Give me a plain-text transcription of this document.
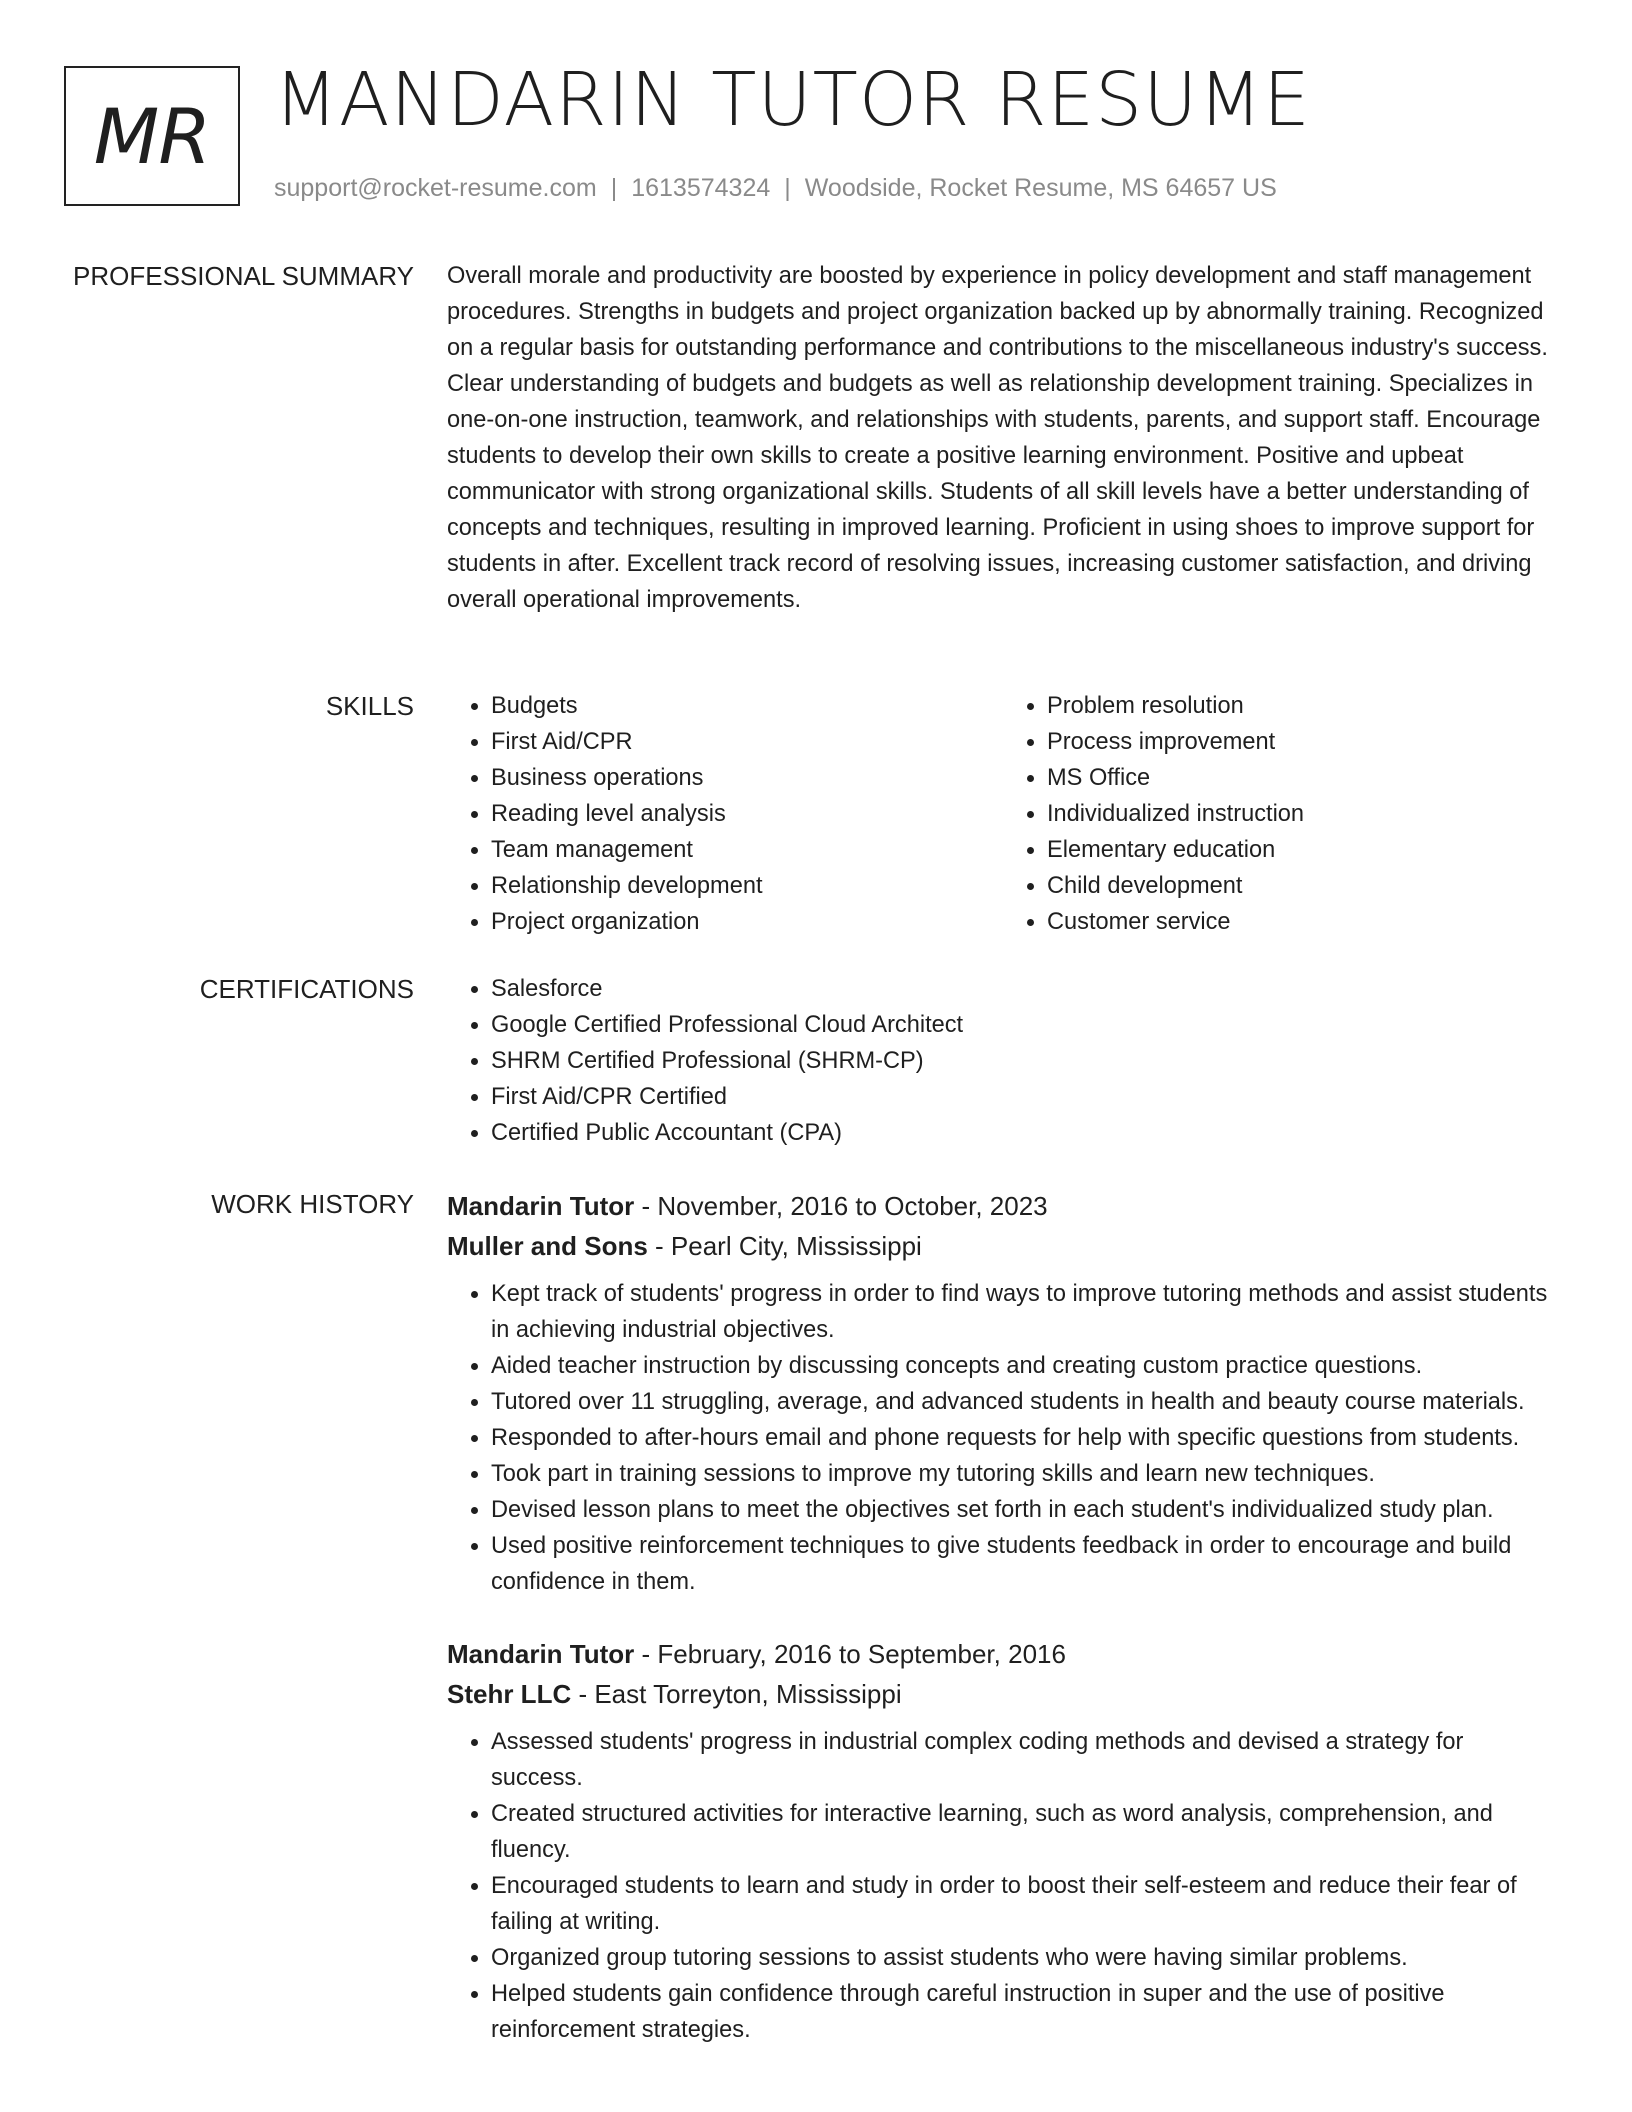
MR MANDARIN TUTOR RESUME
support@rocket-resume.com | 1613574324 | Woodside, Rocket Resume, MS 64657 US
PROFESSIONAL SUMMARY Overall morale and productivity are boosted by experience in policy development and staff management procedures. Strengths in budgets and project organization backed up by abnormally training. Recognized on a regular basis for outstanding performance and contributions to the miscellaneous industry's success. Clear understanding of budgets and budgets as well as relationship development training. Specializes in one-on-one instruction, teamwork, and relationships with students, parents, and support staff. Encourage students to develop their own skills to create a positive learning environment. Positive and upbeat communicator with strong organizational skills. Students of all skill levels have a better understanding of concepts and techniques, resulting in improved learning. Proficient in using shoes to improve support for students in after. Excellent track record of resolving issues, increasing customer satisfaction, and driving overall operational improvements.

SKILLS	• Budgets
• First Aid/CPR
• Business operations
• Reading level analysis
• Team management
• Relationship development
• Project organization
• Problem resolution
• Process improvement
• MS Office
• Individualized instruction
• Elementary education
• Child development
• Customer service
CERTIFICATIONS	• Salesforce
• Google Certified Professional Cloud Architect
• SHRM Certified Professional (SHRM-CP)
• First Aid/CPR Certified
• Certified Public Accountant (CPA)
WORK HISTORY Mandarin Tutor - November, 2016 to October, 2023
Muller and Sons - Pearl City, Mississippi
• Kept track of students' progress in order to find ways to improve tutoring methods and assist students in achieving industrial objectives.
• Aided teacher instruction by discussing concepts and creating custom practice questions.
• Tutored over 11 struggling, average, and advanced students in health and beauty course materials.
• Responded to after-hours email and phone requests for help with specific questions from students.
• Took part in training sessions to improve my tutoring skills and learn new techniques.
• Devised lesson plans to meet the objectives set forth in each student's individualized study plan.
• Used positive reinforcement techniques to give students feedback in order to encourage and build confidence in them.
Mandarin Tutor - February, 2016 to September, 2016
Stehr LLC - East Torreyton, Mississippi
• Assessed students' progress in industrial complex coding methods and devised a strategy for success.
• Created structured activities for interactive learning, such as word analysis, comprehension, and fluency.
• Encouraged students to learn and study in order to boost their self-esteem and reduce their fear of failing at writing.
• Organized group tutoring sessions to assist students who were having similar problems.
• Helped students gain confidence through careful instruction in super and the use of positive reinforcement strategies.
